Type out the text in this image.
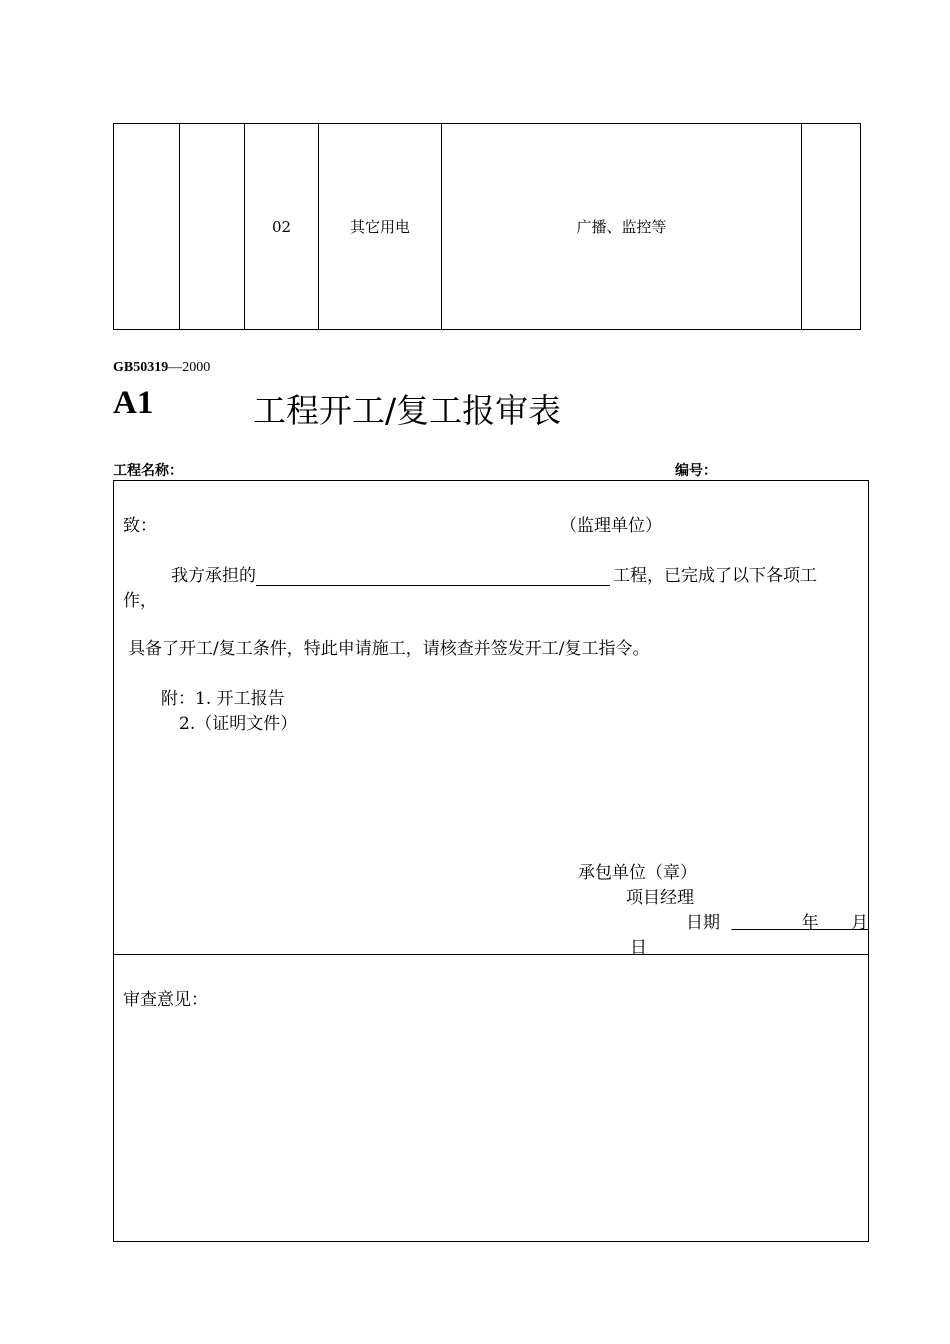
		02	其它用电	广播、监控等	
GB50319—2000
A1	工程开工/复工报审表
工程名称：	编号：
致：	（监理单位）
我方承担的	工程，已完成了以下各项工
作，
具备了开工/复工条件，特此申请施工，请核查并签发开工/复工指令。
附：1. 开工报告
2.（证明文件）
承包单位（章）
项目经理
日期	年 月
日
审查意见：
